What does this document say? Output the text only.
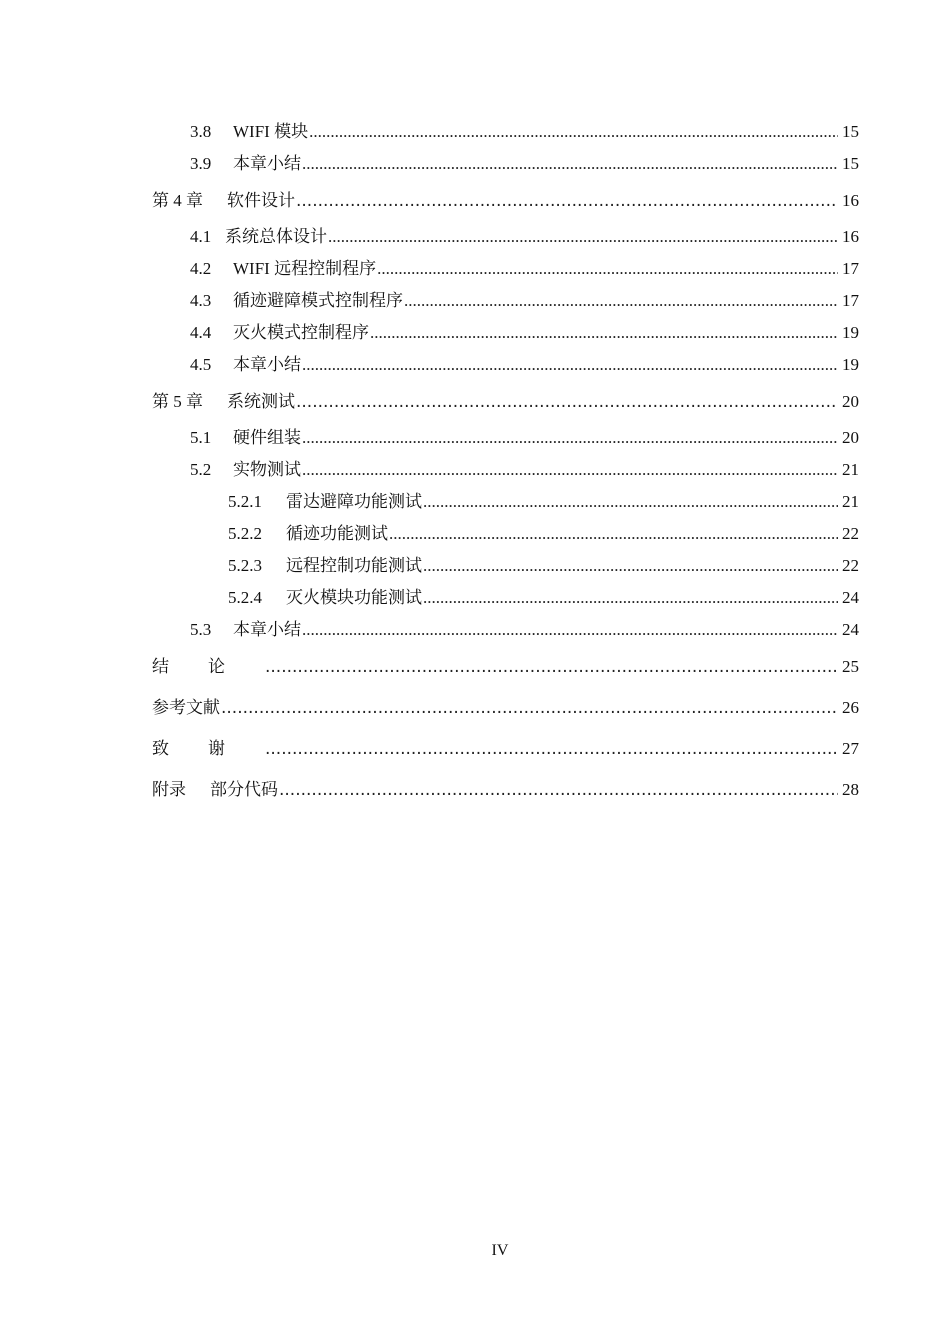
3.8	WIFI 模块 .....	15
3.9	本章小结 .....	15
第 4 章	软件设计 .....	16
4.1 系统总体设计 .....	16
4.2	WIFI 远程控制程序 .....	17
4.3	循迹避障模式控制程序 .....	17
4.4	灭火模式控制程序 .....	19
4.5	本章小结 .....	19
第 5 章	系统测试 .....	20
5.1	硬件组装 .....	20
5.2	实物测试 .....	21
5.2.1	雷达避障功能测试 .....	21
5.2.2	循迹功能测试 .....	22
5.2.3	远程控制功能测试 .....	22
5.2.4	灭火模块功能测试 .....	24
5.3	本章小结 .....	24
结论 .....	25
参考文献 .....	26
致谢 .....	27
附录	部分代码 .....	28
IV
